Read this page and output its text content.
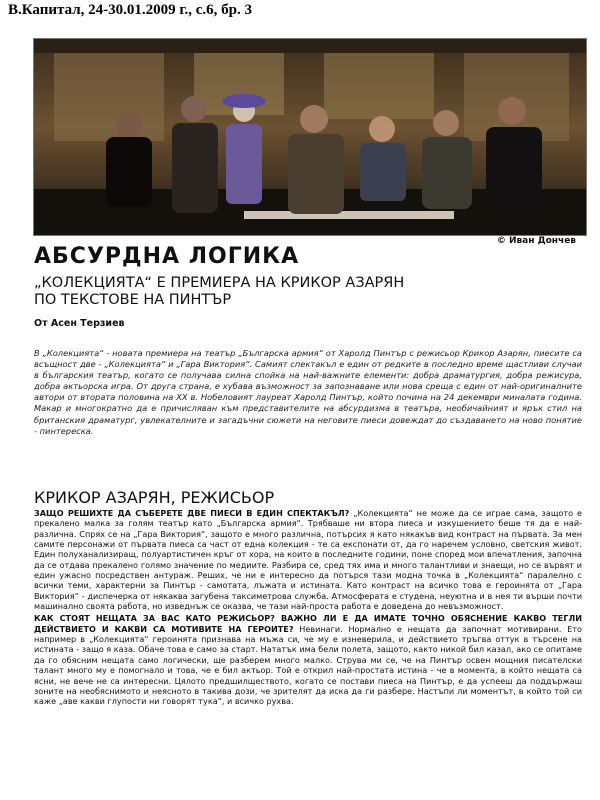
В.Капитал, 24-30.01.2009 г., с.6, бр. 3
© Иван Дончев
АБСУРДНА ЛОГИКА
„КОЛЕКЦИЯТА“ Е ПРЕМИЕРА НА КРИКОР АЗАРЯН
ПО ТЕКСТОВЕ НА ПИНТЪР
От Асен Терзиев

В „Колекцията“ - новата премиера на театър „Българска армия“ от Харолд Пинтър с режисьор Крикор Азарян, пиесите са всъщност две - „Колекцията“ и „Гара Виктория“. Самият спектакъл е един от редките в последно време щастливи случаи в българския театър, когато се получава силна спойка на най-важните елементи: добра драматургия, добра режисура, добра актьорска игра. От друга страна, е хубава възможност за запознаване или нова среща с един от най-оригиналните автори от втората половина на ХХ в. Нобеловият лауреат Харолд Пинтър, който почина на 24 декември миналата година. Макар и многократно да е причисляван към представителите на абсурдизма в театъра, необичайният и ярък стил на британския драматург, увлекателните и загадъчни сюжети на неговите пиеси довеждат до създаването на ново понятие - пинтереска.

КРИКОР АЗАРЯН, РЕЖИСЬОР

ЗАЩО РЕШИХТЕ ДА СЪБЕРЕТЕ ДВЕ ПИЕСИ В ЕДИН СПЕКТАКЪЛ? „Колекцията“ не може да се играе сама, защото е прекалено малка за голям театър като „Българска армия“. Трябваше ни втора пиеса и изкушението беше тя да е най-различна. Спрях се на „Гара Виктория“, защото е много различна, потърсих я като някакъв вид контраст на първата. За мен самите персонажи от първата пиеса са част от една колекция - те са експонати от, да го наречем условно, светския живот. Един полуханализиращ, полуартистичен кръг от хора, на които в последните години, поне според мои впечатления, започна да се отдава прекалено голямо значение по медиите. Разбира се, сред тях има и много талантливи и знаещи, но се вървят и един ужасно посредствен антураж. Реших, че ни е интересно да потърся тази модна точка в „Колекцията“ паралелно с всички теми, характерни за Пинтър - самотата, лъжата и истината. Като контраст на всичко това е героинята от „Гара Виктория“ - диспечерка от някаква загубена таксиметрова служба. Атмосферата е студена, неуютна и в нея ти върши почти машинално своята работа, но изведнъж се оказва, че тази най-проста работа е доведена до невъзможност.

КАК СТОЯТ НЕЩАТА ЗА ВАС КАТО РЕЖИСЬОР? ВАЖНО ЛИ Е ДА ИМАТЕ ТОЧНО ОБЯСНЕНИЕ КАКВО ТЕГЛИ ДЕЙСТВИЕТО И КАКВИ СА МОТИВИТЕ НА ГЕРОИТЕ? Невинаги. Нормално е нещата да започнат мотивирани. Ето например в „Колекцията“ героинята признава на мъжа си, че му е изневерила, и действието тръгва оттук в търсене на истината - защо я каза. Обаче това е само за старт. Нататък има бели полета, защото, както никой бил казал, ако се опитаме да го обясним нещата само логически, ще разберем много малко. Струва ми се, че на Пинтър освен мощния писателски талант много му е помогнало и това, че е бил актьор. Той е открил най-простата истина - че в момента, в който нещата са ясни, не вече не са интересни. Цялото предшилществото, когато се постави пиеса на Пинтър, е да успееш да поддържаш зоните на необяснимото и неясното в такива дози, че зрителят да иска да ги разбере. Настъпи ли моментът, в който той си каже „аве какви глупости ни говорят тука“, и всичко рухва.
